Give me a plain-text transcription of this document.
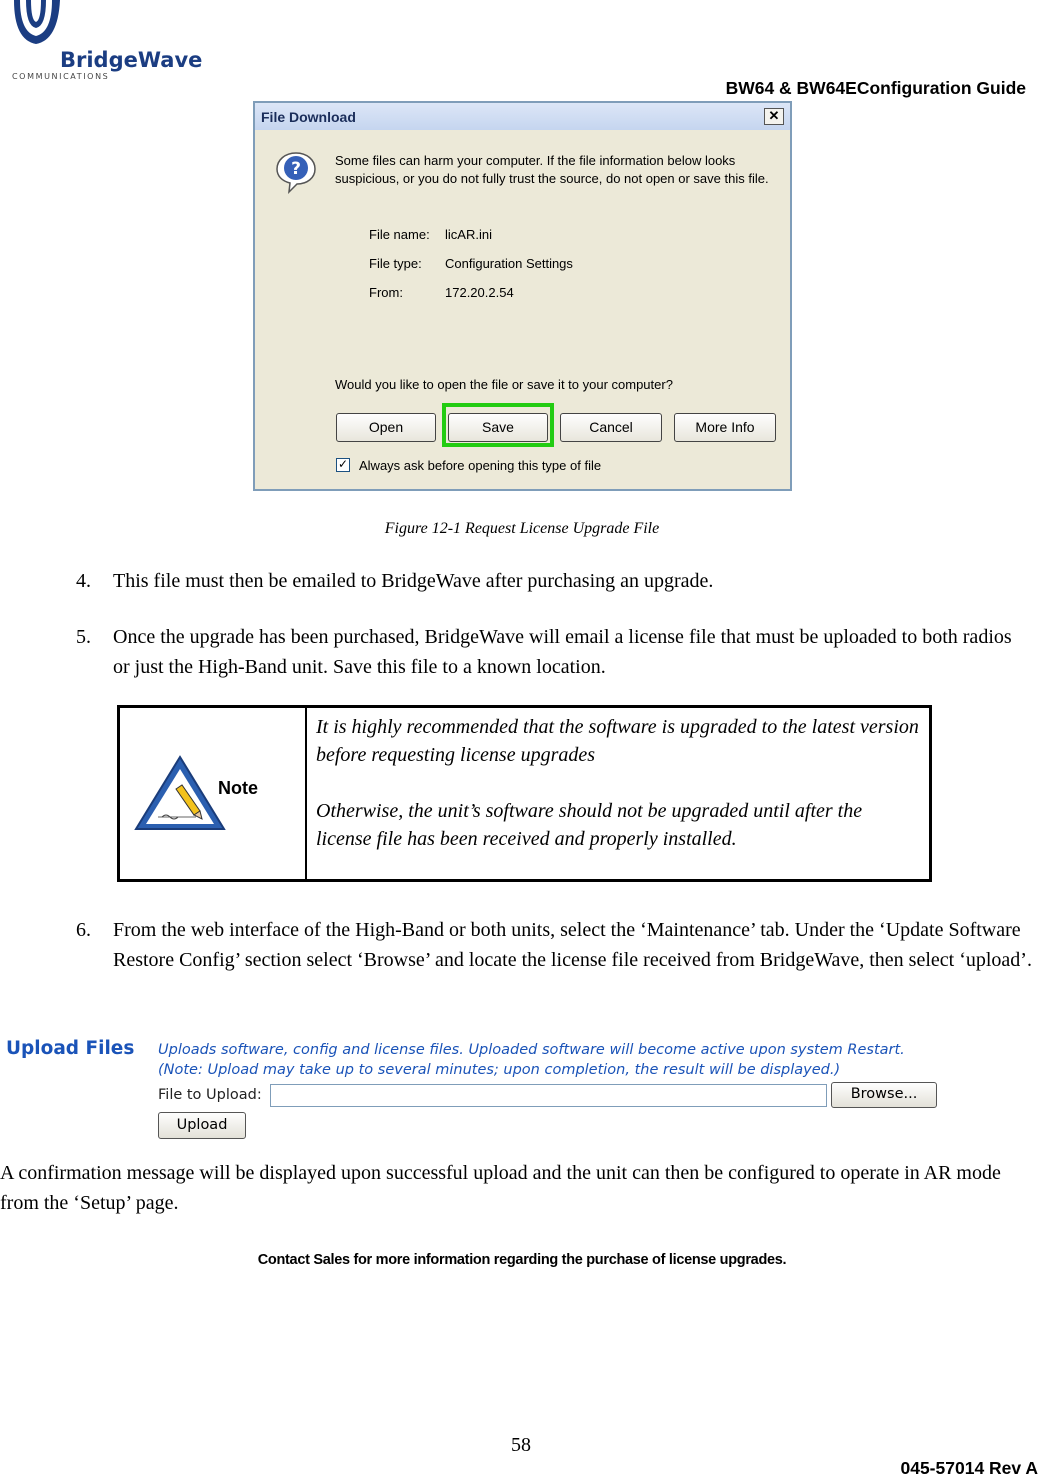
BridgeWave
COMMUNICATIONS
BW64 & BW64EConfiguration Guide
File Download	✕
?	Some files can harm your computer. If the file information below looks suspicious, or you do not fully trust the source, do not open or save this file.
File name: licAR.ini
File type: Configuration Settings
From:	172.20.2.54
Would you like to open the file or save it to your computer?
Open	Save	Cancel	More Info
✓ Always ask before opening this type of file
Figure 12-1 Request License Upgrade File
4. This file must then be emailed to BridgeWave after purchasing an upgrade.
5. Once the upgrade has been purchased, BridgeWave will email a license file that must be uploaded to both radios or just the High-Band unit. Save this file to a known location.
Note
It is highly recommended that the software is upgraded to the latest version before requesting license upgrades
Otherwise, the unit’s software should not be upgraded until after the license file has been received and properly installed.
6. From the web interface of the High-Band or both units, select the ‘Maintenance’ tab. Under the ‘Update Software Restore Config’ section select ‘Browse’ and locate the license file received from BridgeWave, then select ‘upload’.
Upload Files Uploads software, config and license files. Uploaded software will become active upon system Restart.
(Note: Upload may take up to several minutes; upon completion, the result will be displayed.)
File to Upload:	Browse...
Upload
A confirmation message will be displayed upon successful upload and the unit can then be configured to operate in AR mode from the ‘Setup’ page.
Contact Sales for more information regarding the purchase of license upgrades.
58
045-57014 Rev A
